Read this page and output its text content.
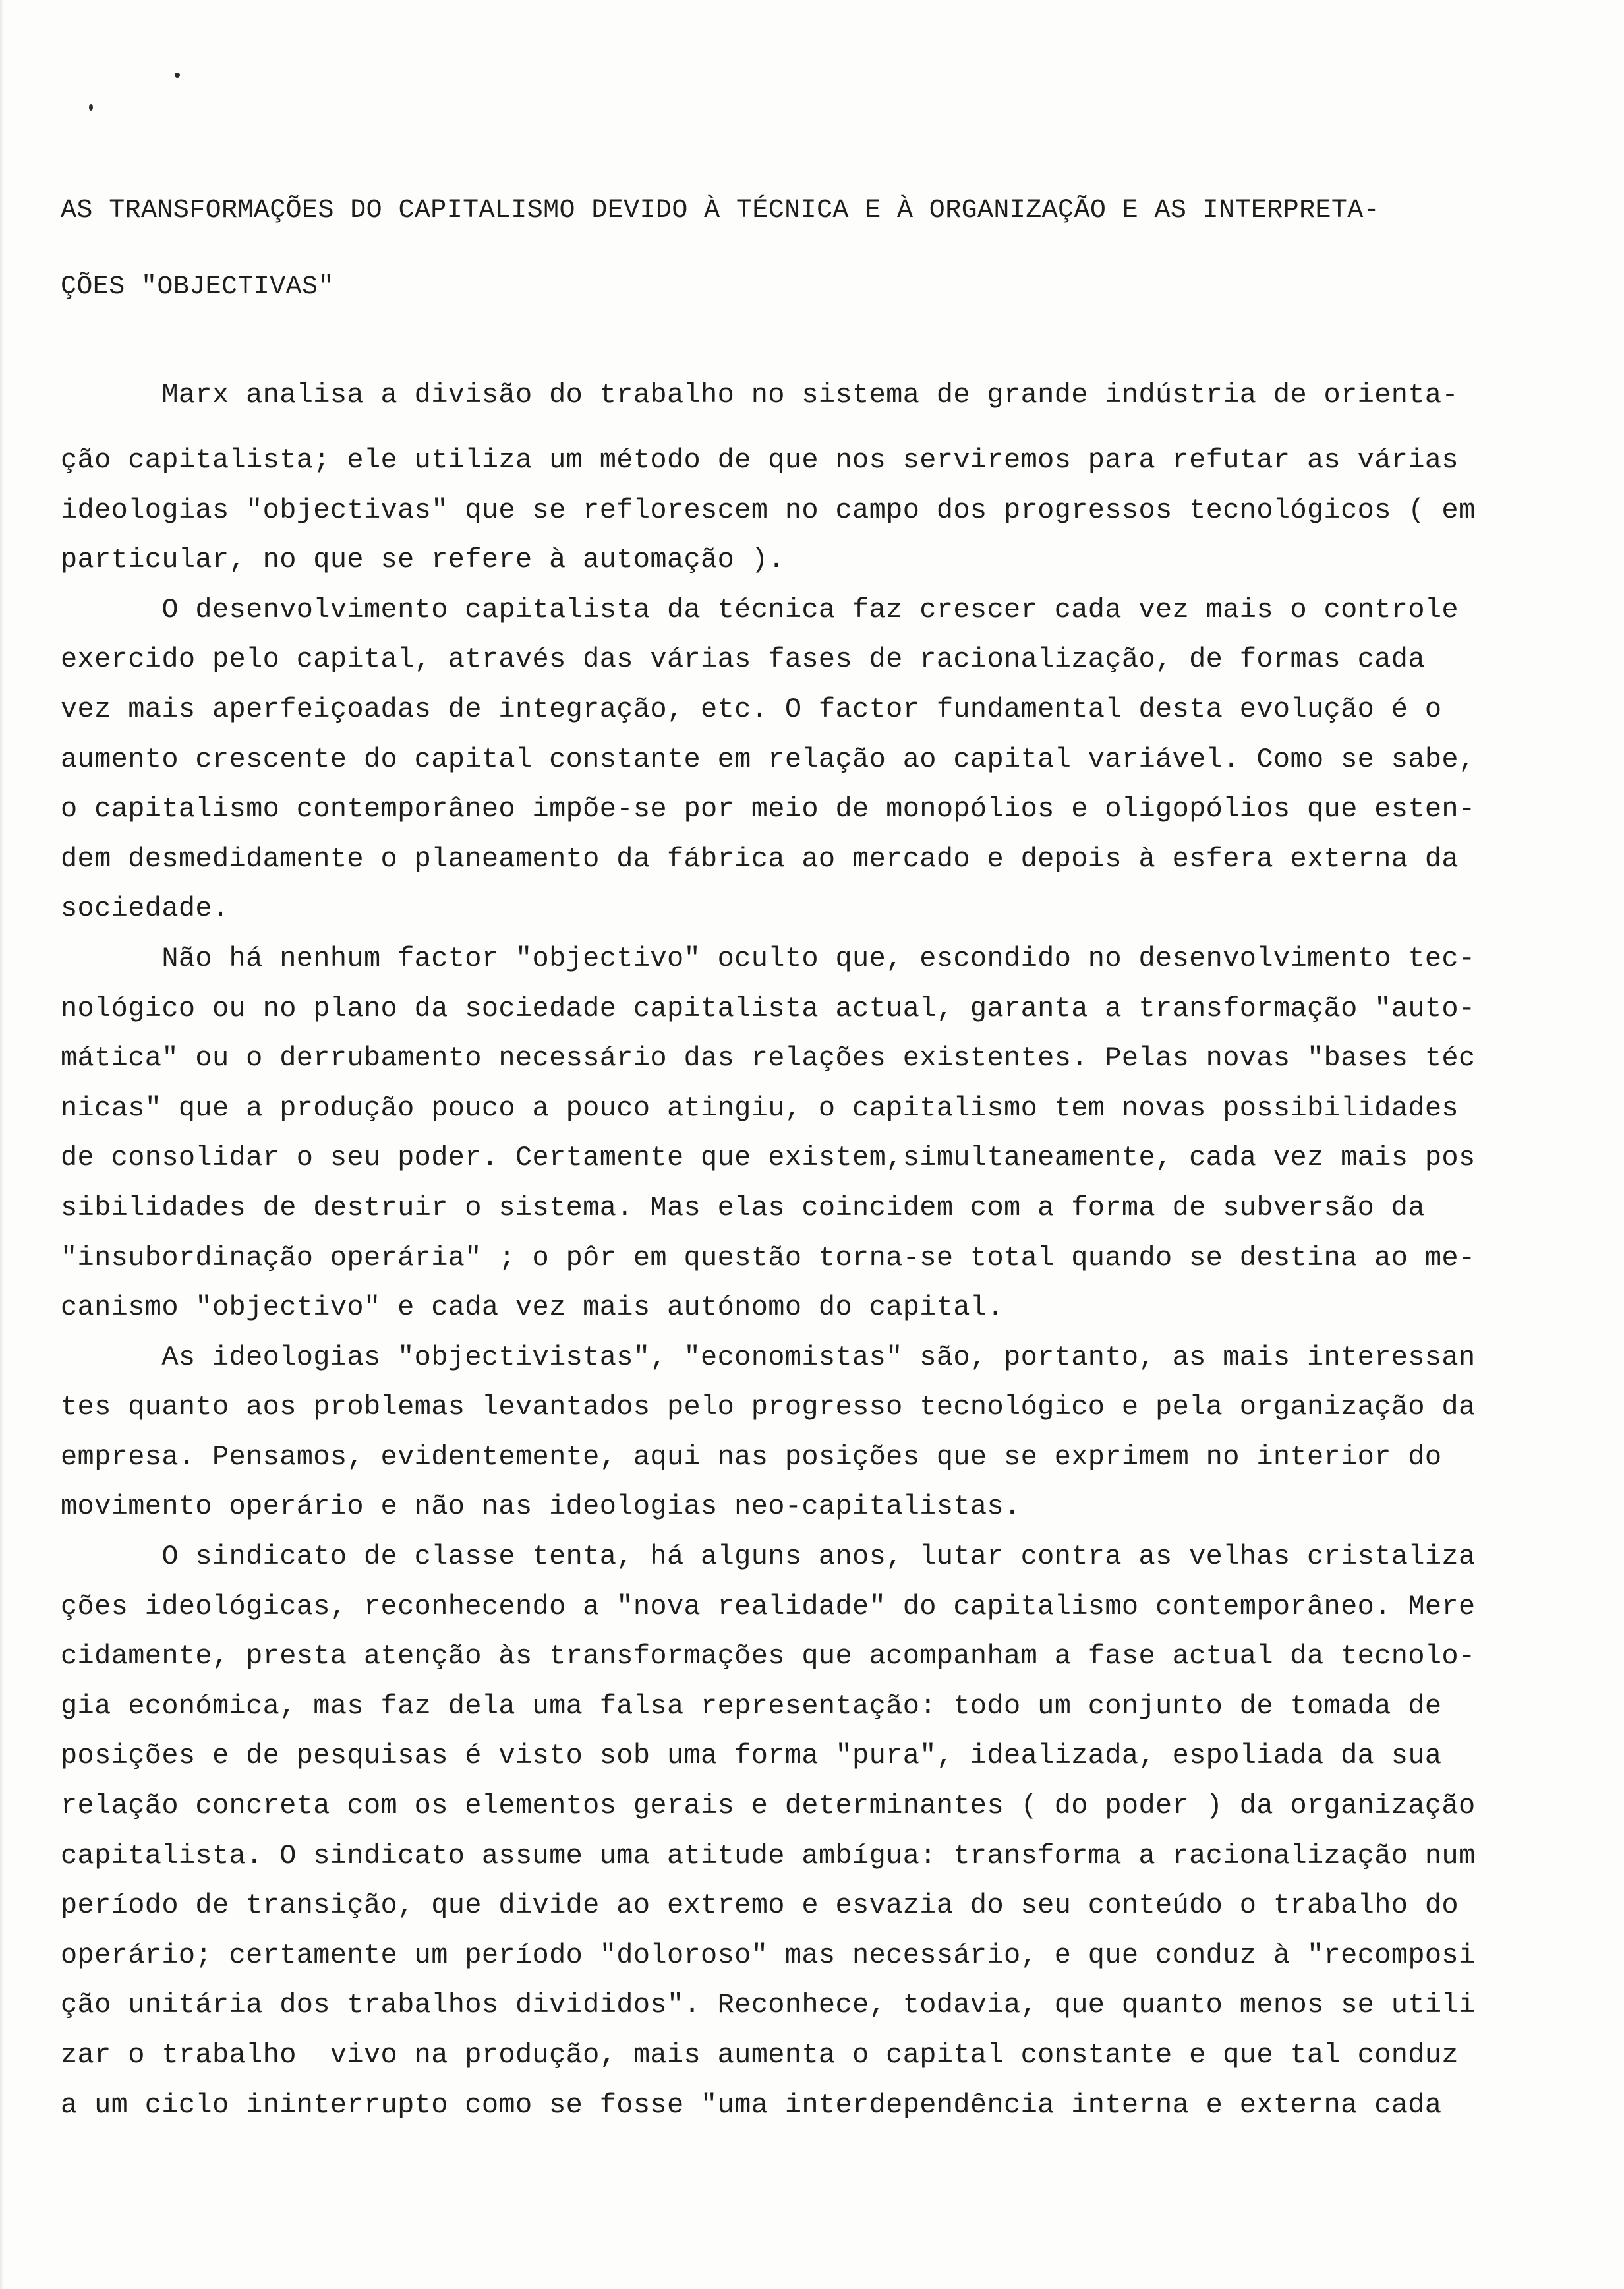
AS TRANSFORMAÇÕES DO CAPITALISMO DEVIDO À TÉCNICA E À ORGANIZAÇÃO E AS INTERPRETA-
ÇÕES "OBJECTIVAS"
Marx analisa a divisão do trabalho no sistema de grande indústria de orienta-
ção capitalista; ele utiliza um método de que nos serviremos para refutar as várias
ideologias "objectivas" que se reflorescem no campo dos progressos tecnológicos ( em
particular, no que se refere à automação ).
O desenvolvimento capitalista da técnica faz crescer cada vez mais o controle
exercido pelo capital, através das várias fases de racionalização, de formas cada
vez mais aperfeiçoadas de integração, etc. O factor fundamental desta evolução é o
aumento crescente do capital constante em relação ao capital variável. Como se sabe,
o capitalismo contemporâneo impõe-se por meio de monopólios e oligopólios que esten-
dem desmedidamente o planeamento da fábrica ao mercado e depois à esfera externa da
sociedade.
Não há nenhum factor "objectivo" oculto que, escondido no desenvolvimento tec-
nológico ou no plano da sociedade capitalista actual, garanta a transformação "auto-
mática" ou o derrubamento necessário das relações existentes. Pelas novas "bases téc
nicas" que a produção pouco a pouco atingiu, o capitalismo tem novas possibilidades
de consolidar o seu poder. Certamente que existem,simultaneamente, cada vez mais pos
sibilidades de destruir o sistema. Mas elas coincidem com a forma de subversão da
"insubordinação operária" ; o pôr em questão torna-se total quando se destina ao me-
canismo "objectivo" e cada vez mais autónomo do capital.
As ideologias "objectivistas", "economistas" são, portanto, as mais interessan
tes quanto aos problemas levantados pelo progresso tecnológico e pela organização da
empresa. Pensamos, evidentemente, aqui nas posições que se exprimem no interior do
movimento operário e não nas ideologias neo-capitalistas.
O sindicato de classe tenta, há alguns anos, lutar contra as velhas cristaliza
ções ideológicas, reconhecendo a "nova realidade" do capitalismo contemporâneo. Mere
cidamente, presta atenção às transformações que acompanham a fase actual da tecnolo-
gia económica, mas faz dela uma falsa representação: todo um conjunto de tomada de
posições e de pesquisas é visto sob uma forma "pura", idealizada, espoliada da sua
relação concreta com os elementos gerais e determinantes ( do poder ) da organização
capitalista. O sindicato assume uma atitude ambígua: transforma a racionalização num
período de transição, que divide ao extremo e esvazia do seu conteúdo o trabalho do
operário; certamente um período "doloroso" mas necessário, e que conduz à "recomposi
ção unitária dos trabalhos divididos". Reconhece, todavia, que quanto menos se utili
zar o trabalho  vivo na produção, mais aumenta o capital constante e que tal conduz
a um ciclo ininterrupto como se fosse "uma interdependência interna e externa cada
